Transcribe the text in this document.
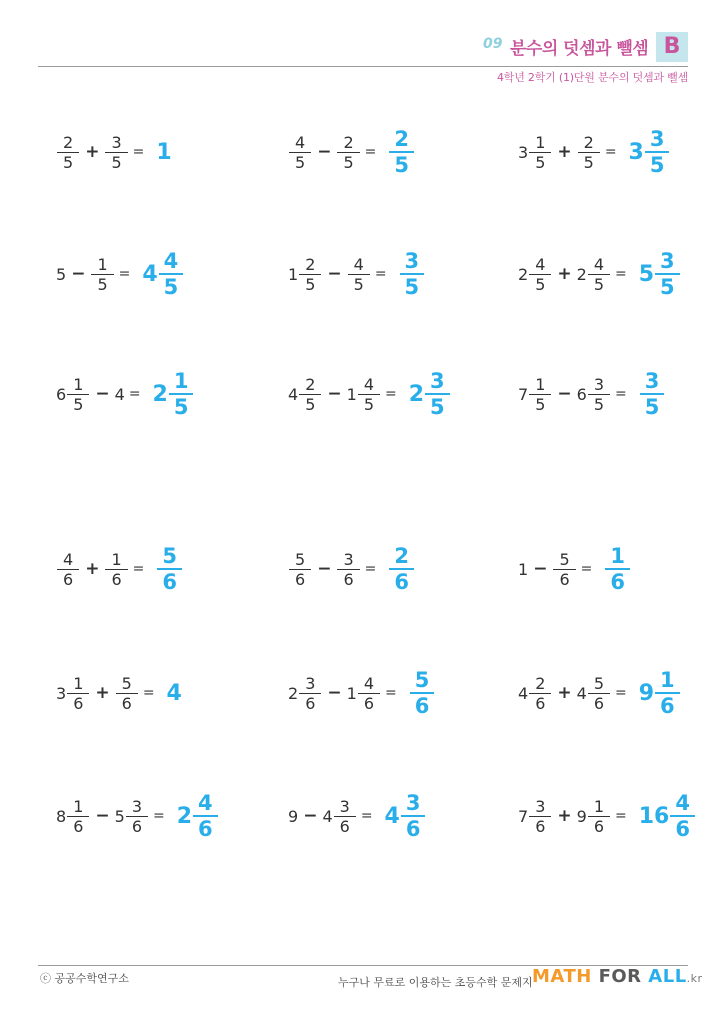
09 분수의 덧셈과 뺄셈 B
4학년 2학기 (1)단원 분수의 덧셈과 뺄셈
$\frac{2}{5} + \frac{3}{5} = 1$	$\frac{4}{5} - \frac{2}{5} = \frac{2}{5}$	$3 \frac{1}{5} + \frac{2}{5} = 3 \frac{3}{5}$
$5 - \frac{1}{5} = 4 \frac{4}{5}$	$1 \frac{2}{5} - \frac{4}{5} = \frac{3}{5}$	$2 \frac{4}{5} + 2 \frac{4}{5} = 5 \frac{3}{5}$
$6 \frac{1}{5} - 4 = 2 \frac{1}{5}$	$4 \frac{2}{5} - 1 \frac{4}{5} = 2 \frac{3}{5}$	$7 \frac{1}{5} - 6 \frac{3}{5} = \frac{3}{5}$
$\frac{4}{6} + \frac{1}{6} = \frac{5}{6}$	$\frac{5}{6} - \frac{3}{6} = \frac{2}{6}$	$1 - \frac{5}{6} = \frac{1}{6}$
$3 \frac{1}{6} + \frac{5}{6} = 4$	$2 \frac{3}{6} - 1 \frac{4}{6} = \frac{5}{6}$	$4 \frac{2}{6} + 4 \frac{5}{6} = 9 \frac{1}{6}$
$8 \frac{1}{6} - 5 \frac{3}{6} = 2 \frac{4}{6}$	$9 - 4 \frac{3}{6} = 4 \frac{3}{6}$	$7 \frac{3}{6} + 9 \frac{1}{6} = 16 \frac{4}{6}$
ⓒ 공공수학연구소	누구나 무료로 이용하는 초등수학 문제지 MATH FOR ALL.kr
